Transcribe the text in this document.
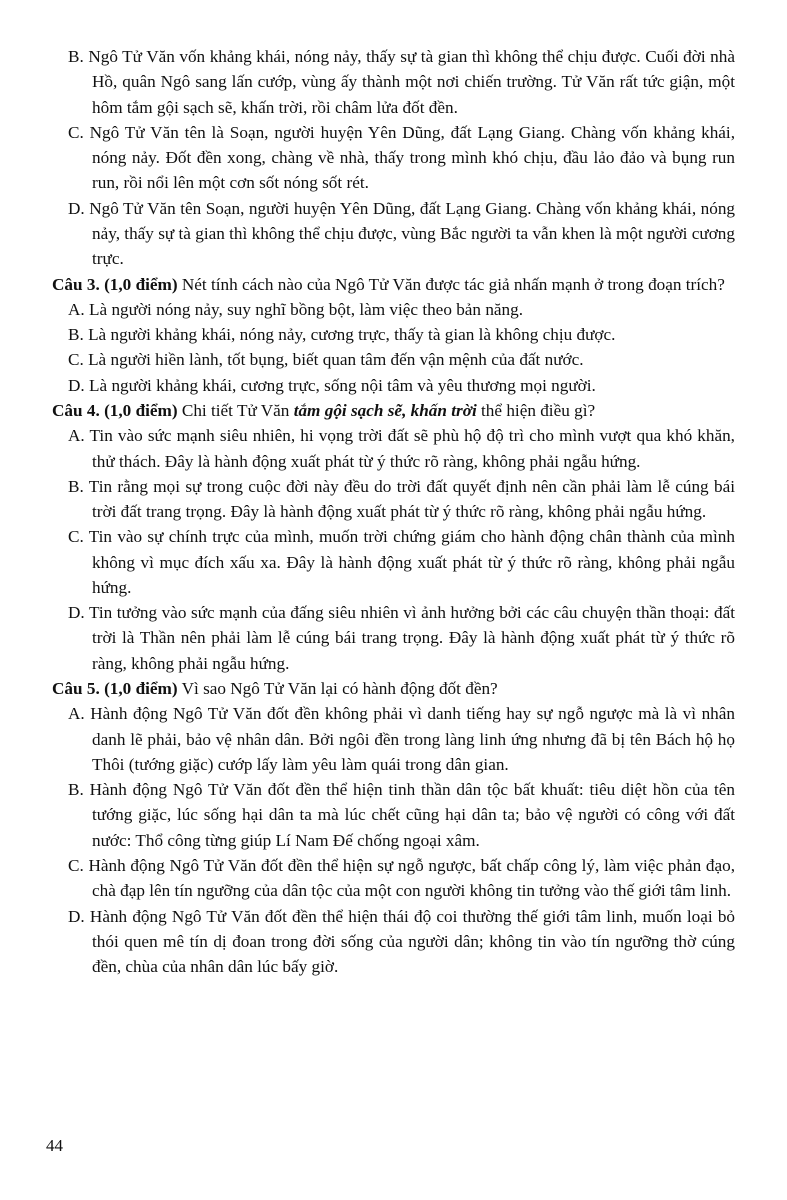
B. Ngô Tử Văn vốn khảng khái, nóng nảy, thấy sự tà gian thì không thể chịu được. Cuối đời nhà Hồ, quân Ngô sang lấn cướp, vùng ấy thành một nơi chiến trường. Tử Văn rất tức giận, một hôm tắm gội sạch sẽ, khấn trời, rồi châm lửa đốt đền.

C. Ngô Tử Văn tên là Soạn, người huyện Yên Dũng, đất Lạng Giang. Chàng vốn khảng khái, nóng nảy. Đốt đền xong, chàng về nhà, thấy trong mình khó chịu, đầu lảo đảo và bụng run run, rồi nổi lên một cơn sốt nóng sốt rét.

D. Ngô Tử Văn tên Soạn, người huyện Yên Dũng, đất Lạng Giang. Chàng vốn khảng khái, nóng nảy, thấy sự tà gian thì không thể chịu được, vùng Bắc người ta vẫn khen là một người cương trực.

Câu 3. (1,0 điểm) Nét tính cách nào của Ngô Tử Văn được tác giả nhấn mạnh ở trong đoạn trích?

A. Là người nóng nảy, suy nghĩ bồng bột, làm việc theo bản năng.

B. Là người khảng khái, nóng nảy, cương trực, thấy tà gian là không chịu được.

C. Là người hiền lành, tốt bụng, biết quan tâm đến vận mệnh của đất nước.

D. Là người khảng khái, cương trực, sống nội tâm và yêu thương mọi người.

Câu 4. (1,0 điểm) Chi tiết Tử Văn tắm gội sạch sẽ, khấn trời thể hiện điều gì?

A. Tin vào sức mạnh siêu nhiên, hi vọng trời đất sẽ phù hộ độ trì cho mình vượt qua khó khăn, thử thách. Đây là hành động xuất phát từ ý thức rõ ràng, không phải ngẫu hứng.

B. Tin rằng mọi sự trong cuộc đời này đều do trời đất quyết định nên cần phải làm lễ cúng bái trời đất trang trọng. Đây là hành động xuất phát từ ý thức rõ ràng, không phải ngẫu hứng.

C. Tin vào sự chính trực của mình, muốn trời chứng giám cho hành động chân thành của mình không vì mục đích xấu xa. Đây là hành động xuất phát từ ý thức rõ ràng, không phải ngẫu hứng.

D. Tin tưởng vào sức mạnh của đấng siêu nhiên vì ảnh hưởng bởi các câu chuyện thần thoại: đất trời là Thần nên phải làm lễ cúng bái trang trọng. Đây là hành động xuất phát từ ý thức rõ ràng, không phải ngẫu hứng.

Câu 5. (1,0 điểm) Vì sao Ngô Tử Văn lại có hành động đốt đền?

A. Hành động Ngô Tử Văn đốt đền không phải vì danh tiếng hay sự ngỗ ngược mà là vì nhân danh lẽ phải, bảo vệ nhân dân. Bởi ngôi đền trong làng linh ứng nhưng đã bị tên Bách hộ họ Thôi (tướng giặc) cướp lấy làm yêu làm quái trong dân gian.

B. Hành động Ngô Tử Văn đốt đền thể hiện tinh thần dân tộc bất khuất: tiêu diệt hồn của tên tướng giặc, lúc sống hại dân ta mà lúc chết cũng hại dân ta; bảo vệ người có công với đất nước: Thổ công từng giúp Lí Nam Đế chống ngoại xâm.

C. Hành động Ngô Tử Văn đốt đền thể hiện sự ngỗ ngược, bất chấp công lý, làm việc phản đạo, chà đạp lên tín ngưỡng của dân tộc của một con người không tin tưởng vào thế giới tâm linh.

D. Hành động Ngô Tử Văn đốt đền thể hiện thái độ coi thường thế giới tâm linh, muốn loại bỏ thói quen mê tín dị đoan trong đời sống của người dân; không tin vào tín ngưỡng thờ cúng đền, chùa của nhân dân lúc bấy giờ.

44
